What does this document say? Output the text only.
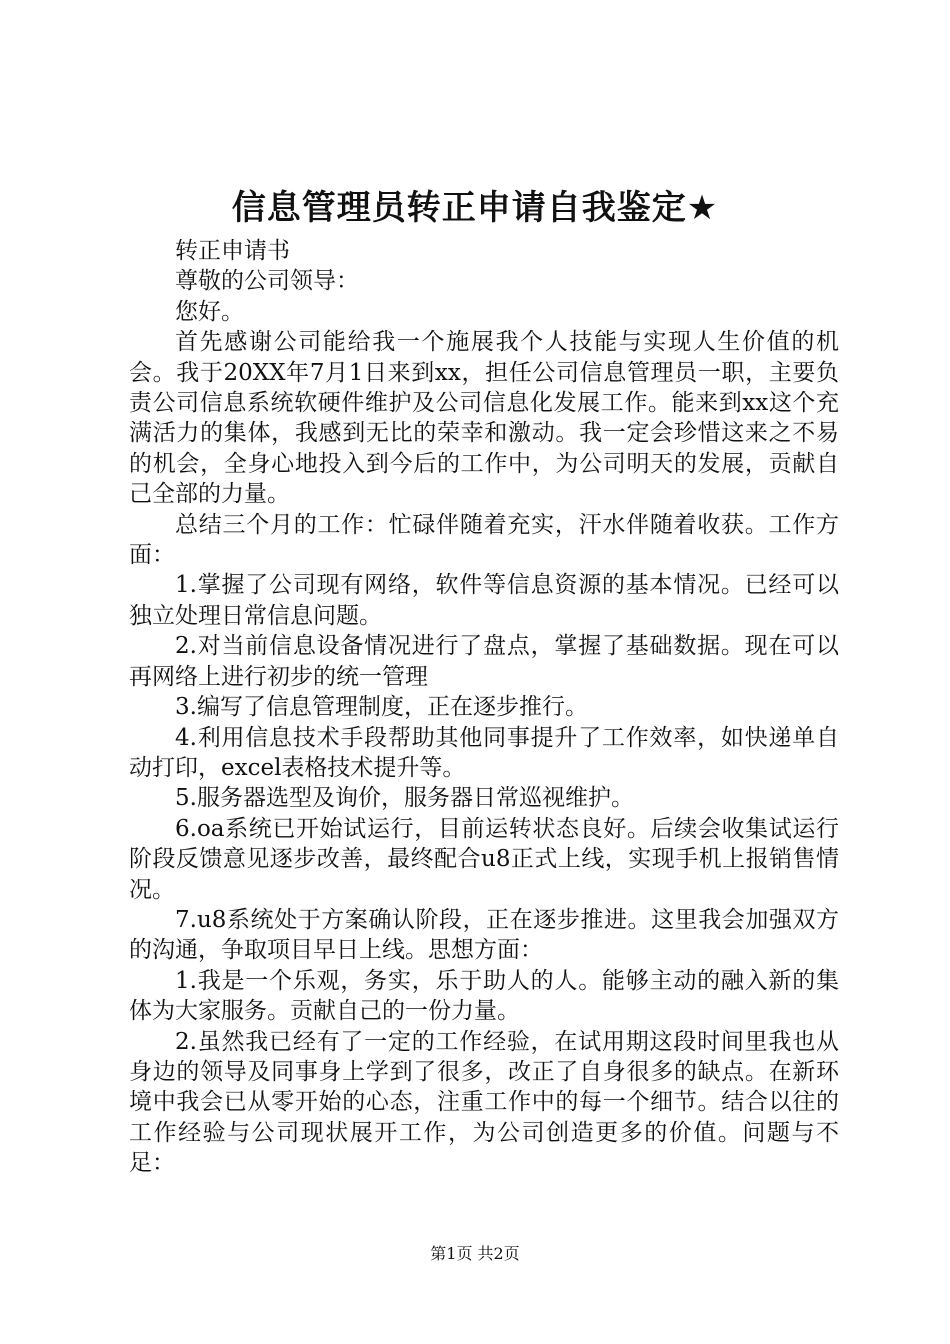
信息管理员转正申请自我鉴定★

转正申请书

尊敬的公司领导：

您好。

首先感谢公司能给我一个施展我个人技能与实现人生价值的机会。我于20XX年7月1日来到xx，担任公司信息管理员一职，主要负责公司信息系统软硬件维护及公司信息化发展工作。能来到xx这个充满活力的集体，我感到无比的荣幸和激动。我一定会珍惜这来之不易的机会，全身心地投入到今后的工作中，为公司明天的发展，贡献自己全部的力量。

总结三个月的工作：忙碌伴随着充实，汗水伴随着收获。工作方面：

1.掌握了公司现有网络，软件等信息资源的基本情况。已经可以独立处理日常信息问题。

2.对当前信息设备情况进行了盘点，掌握了基础数据。现在可以再网络上进行初步的统一管理

3.编写了信息管理制度，正在逐步推行。

4.利用信息技术手段帮助其他同事提升了工作效率，如快递单自动打印，excel表格技术提升等。

5.服务器选型及询价，服务器日常巡视维护。

6.oa系统已开始试运行，目前运转状态良好。后续会收集试运行阶段反馈意见逐步改善，最终配合u8正式上线，实现手机上报销售情况。

7.u8系统处于方案确认阶段，正在逐步推进。这里我会加强双方的沟通，争取项目早日上线。思想方面：

1.我是一个乐观，务实，乐于助人的人。能够主动的融入新的集体为大家服务。贡献自己的一份力量。

2.虽然我已经有了一定的工作经验，在试用期这段时间里我也从身边的领导及同事身上学到了很多，改正了自身很多的缺点。在新环境中我会已从零开始的心态，注重工作中的每一个细节。结合以往的工作经验与公司现状展开工作，为公司创造更多的价值。问题与不足：

第1页 共2页
